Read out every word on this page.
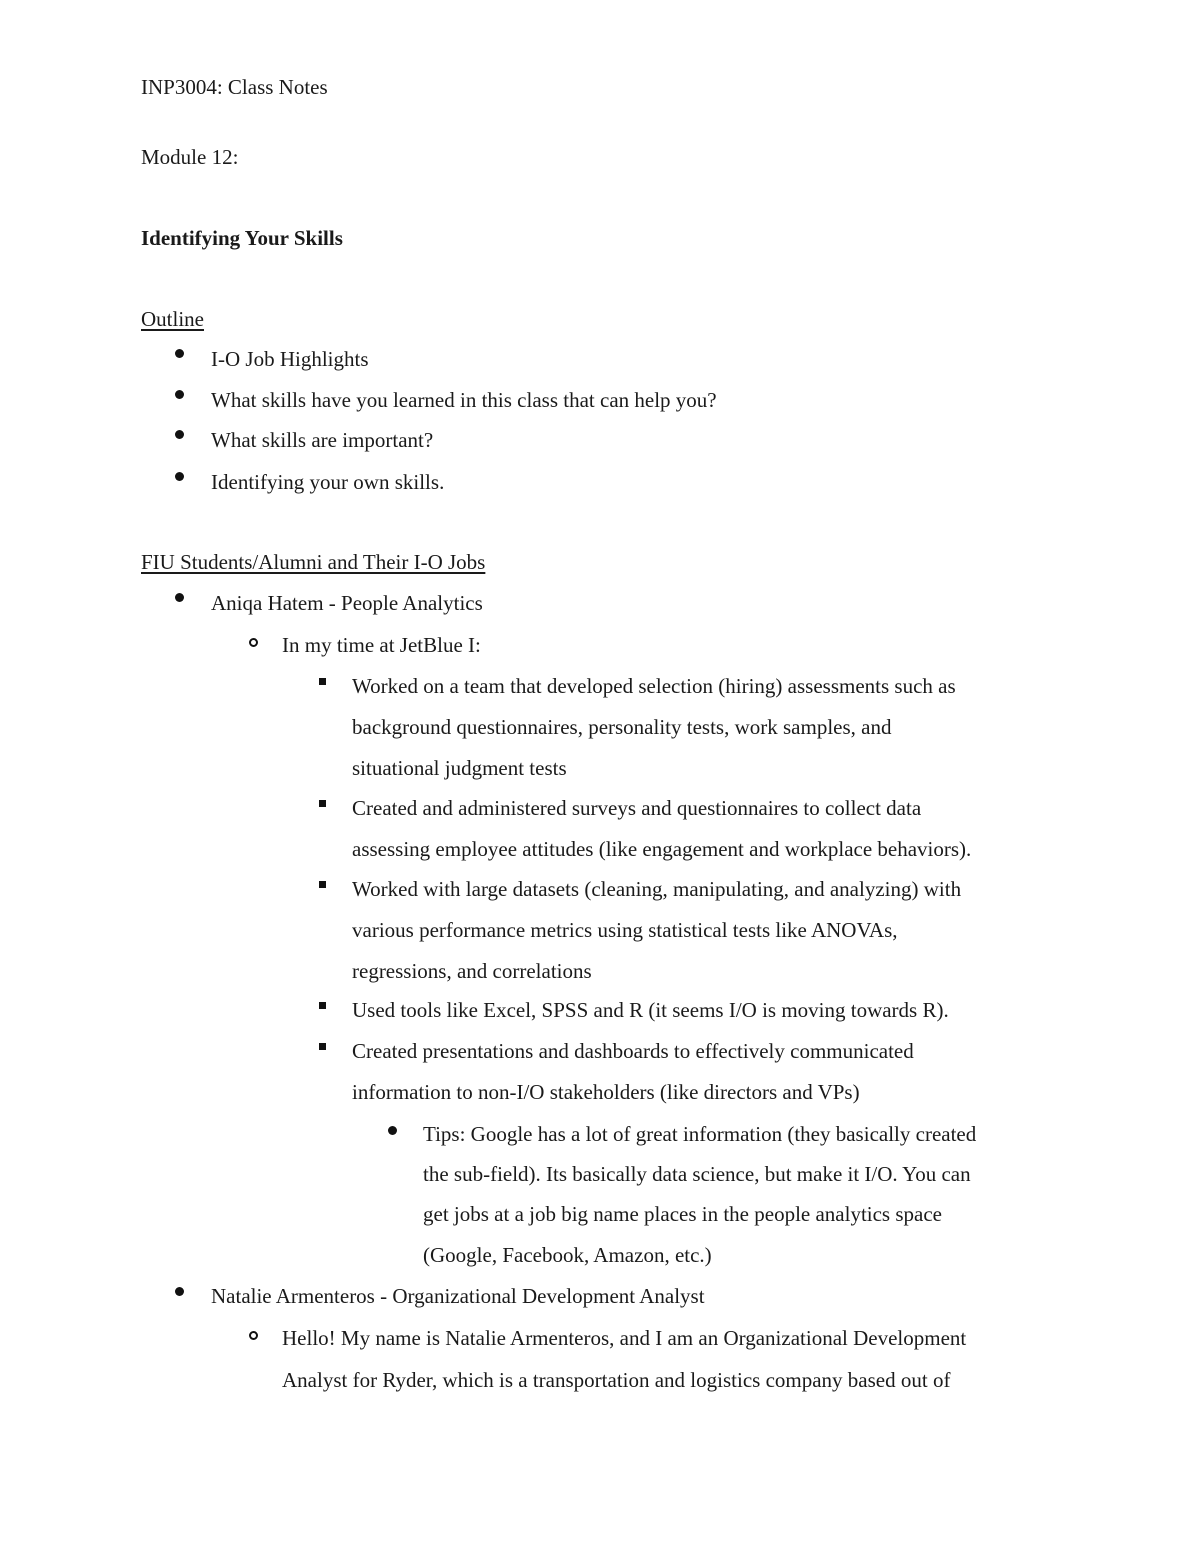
INP3004: Class Notes
Module 12:
Identifying Your Skills
Outline
I-O Job Highlights
What skills have you learned in this class that can help you?
What skills are important?
Identifying your own skills.
FIU Students/Alumni and Their I-O Jobs
Aniqa Hatem - People Analytics
In my time at JetBlue I:
Worked on a team that developed selection (hiring) assessments such as
background questionnaires, personality tests, work samples, and
situational judgment tests
Created and administered surveys and questionnaires to collect data
assessing employee attitudes (like engagement and workplace behaviors).
Worked with large datasets (cleaning, manipulating, and analyzing) with
various performance metrics using statistical tests like ANOVAs,
regressions, and correlations
Used tools like Excel, SPSS and R (it seems I/O is moving towards R).
Created presentations and dashboards to effectively communicated
information to non-I/O stakeholders (like directors and VPs)
Tips: Google has a lot of great information (they basically created
the sub-field). Its basically data science, but make it I/O. You can
get jobs at a job big name places in the people analytics space
(Google, Facebook, Amazon, etc.)
Natalie Armenteros - Organizational Development Analyst
Hello! My name is Natalie Armenteros, and I am an Organizational Development
Analyst for Ryder, which is a transportation and logistics company based out of
